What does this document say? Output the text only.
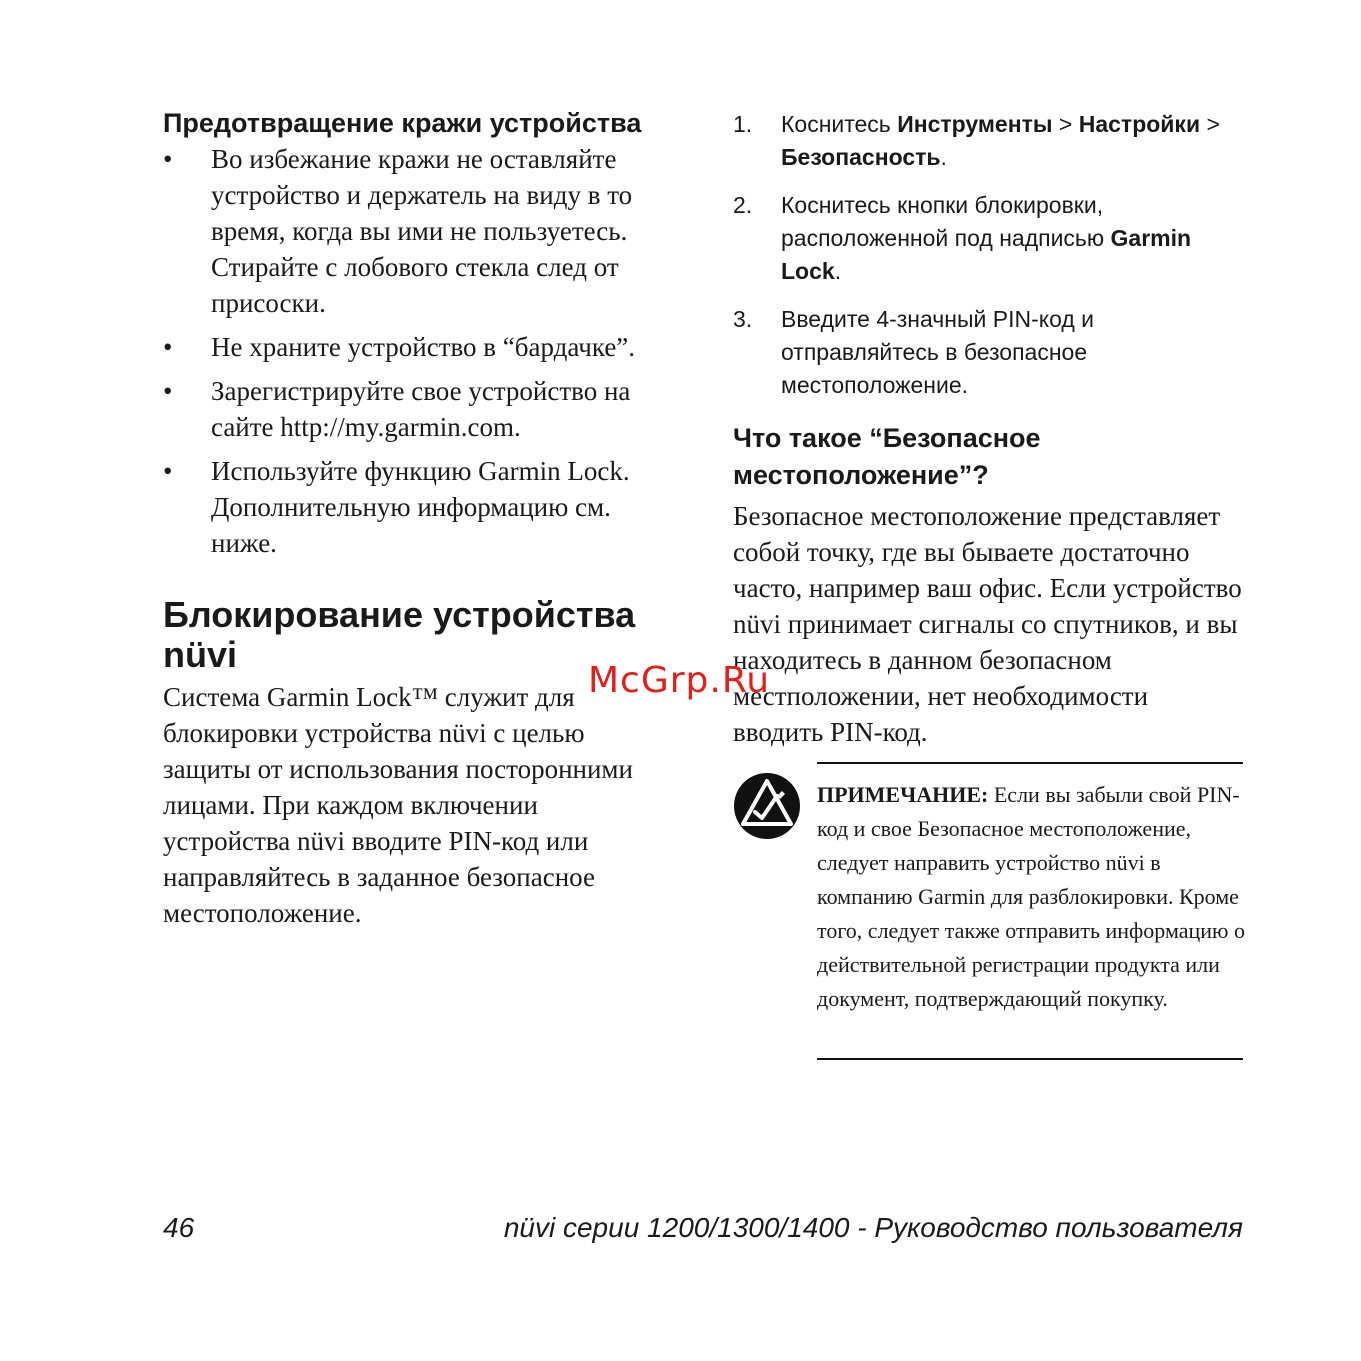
Предотвращение кражи устройства
• Во избежание кражи не оставляйте устройство и держатель на виду в то время, когда вы ими не пользуетесь. Стирайте с лобового стекла след от присоски.
• Не храните устройство в “бардачке”.
• Зарегистрируйте свое устройство на сайте http://my.garmin.com.
• Используйте функцию Garmin Lock. Дополнительную информацию см. ниже.
Блокирование устройства nüvi

Система Garmin Lock™ служит для блокировки устройства nüvi с целью защиты от использования посторонними лицами. При каждом включении устройства nüvi вводите PIN-код или направляйтесь в заданное безопасное местоположение.

1. Коснитесь Инструменты > Настройки > Безопасность.
2. Коснитесь кнопки блокировки, расположенной под надписью Garmin Lock.
3. Введите 4-значный PIN-код и отправляйтесь в безопасное местоположение.
Что такое “Безопасное местоположение”?

Безопасное местоположение представляет собой точку, где вы бываете достаточно часто, например ваш офис. Если устройство nüvi принимает сигналы со спутников, и вы находитесь в данном безопасном местположении, нет необходимости вводить PIN-код.

ПРИМЕЧАНИЕ: Если вы забыли свой PIN-код и свое Безопасное местоположение, следует направить устройство nüvi в компанию Garmin для разблокировки. Кроме того, следует также отправить информацию о действительной регистрации продукта или документ, подтверждающий покупку.
McGrp.Ru
46	nüvi серии 1200/1300/1400 - Руководство пользователя
